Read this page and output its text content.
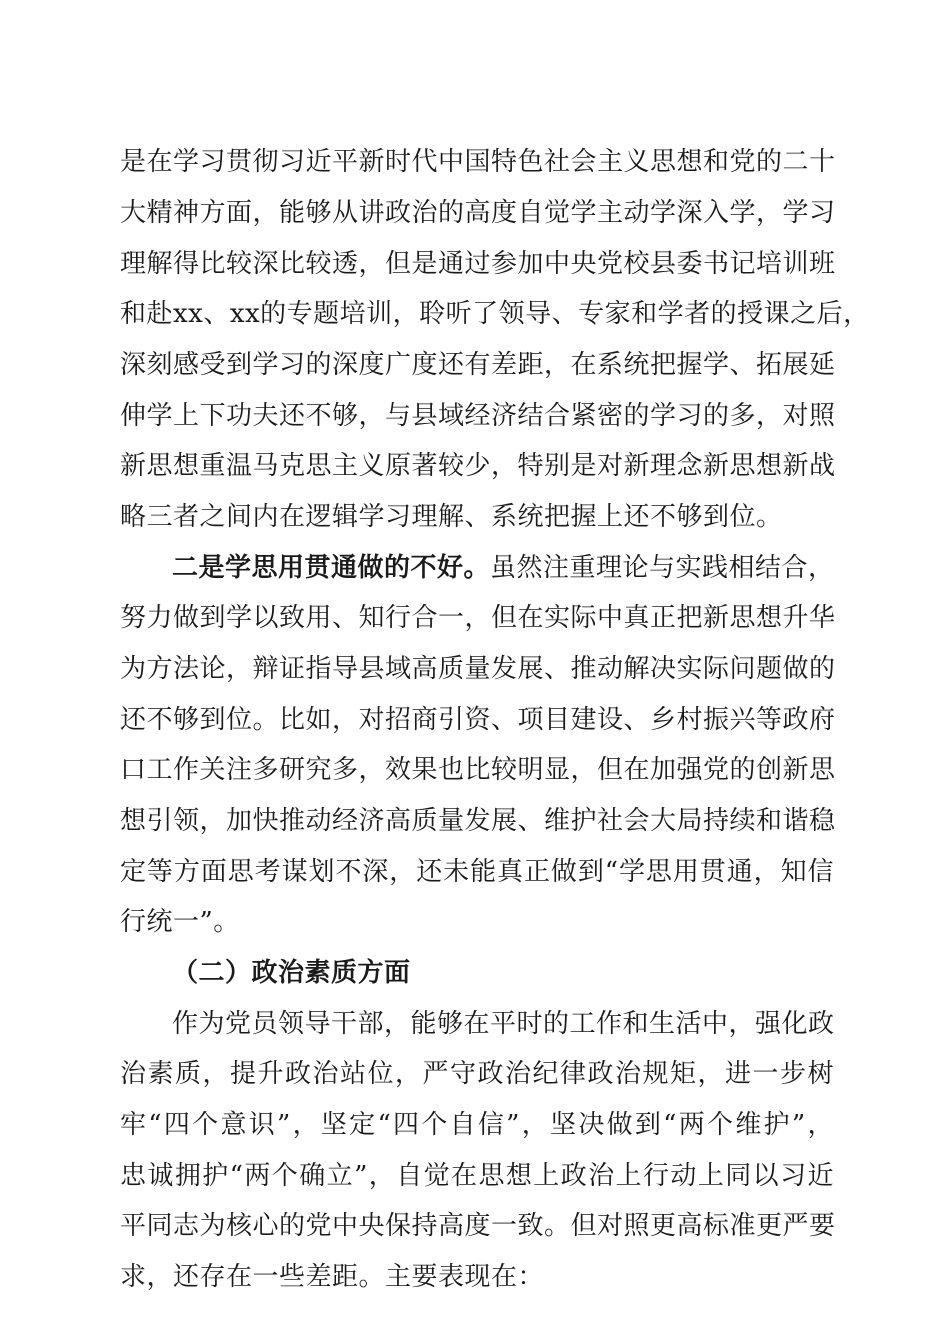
是在学习贯彻习近平新时代中国特色社会主义思想和党的二十
大精神方面，能够从讲政治的高度自觉学主动学深入学，学习
理解得比较深比较透，但是通过参加中央党校县委书记培训班
和赴xx、xx的专题培训，聆听了领导、专家和学者的授课之后，
深刻感受到学习的深度广度还有差距，在系统把握学、拓展延
伸学上下功夫还不够，与县域经济结合紧密的学习的多，对照
新思想重温马克思主义原著较少，特别是对新理念新思想新战
略三者之间内在逻辑学习理解、系统把握上还不够到位。
二是学思用贯通做的不好。虽然注重理论与实践相结合，
努力做到学以致用、知行合一，但在实际中真正把新思想升华
为方法论，辩证指导县域高质量发展、推动解决实际问题做的
还不够到位。比如，对招商引资、项目建设、乡村振兴等政府
口工作关注多研究多，效果也比较明显，但在加强党的创新思
想引领，加快推动经济高质量发展、维护社会大局持续和谐稳
定等方面思考谋划不深，还未能真正做到“学思用贯通，知信
行统一”。
（二）政治素质方面
作为党员领导干部，能够在平时的工作和生活中，强化政
治素质，提升政治站位，严守政治纪律政治规矩，进一步树
牢“四个意识”，坚定“四个自信”，坚决做到“两个维护”，
忠诚拥护“两个确立”，自觉在思想上政治上行动上同以习近
平同志为核心的党中央保持高度一致。但对照更高标准更严要
求，还存在一些差距。主要表现在：
